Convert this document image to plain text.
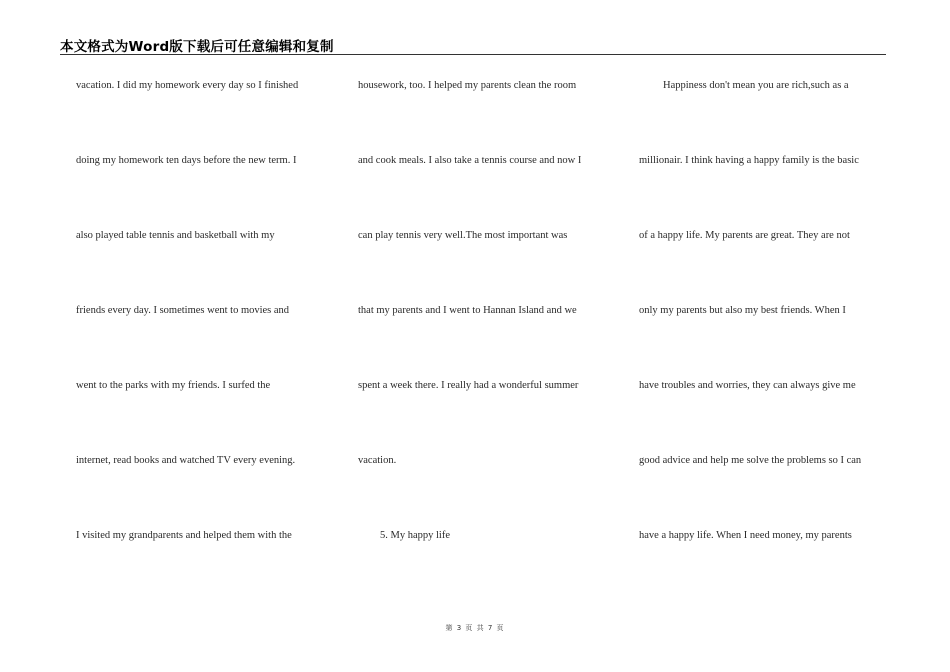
本文格式为Word版下载后可任意编辑和复制
vacation. I did my homework every day so I finished
doing my homework ten days before the new term. I
also played table tennis and basketball with my
friends every day. I sometimes went to movies and
went to the parks with my friends. I surfed the
internet, read books and watched TV every evening.
I visited my grandparents and helped them with the
housework, too. I helped my parents clean the room
and cook meals. I also take a tennis course and now I
can play tennis very well.The most important was
that my parents and I went to Hannan Island and we
spent a week there. I really had a wonderful summer
vacation.
5. My happy life
Happiness don't mean you are rich,such as a
millionair. I think having a happy family is the basic
of a happy life. My parents are great. They are not
only my parents but also my best friends. When I
have troubles and worries, they can always give me
good advice and help me solve the problems so I can
have a happy life. When I need money, my parents
第 3 页 共 7 页
